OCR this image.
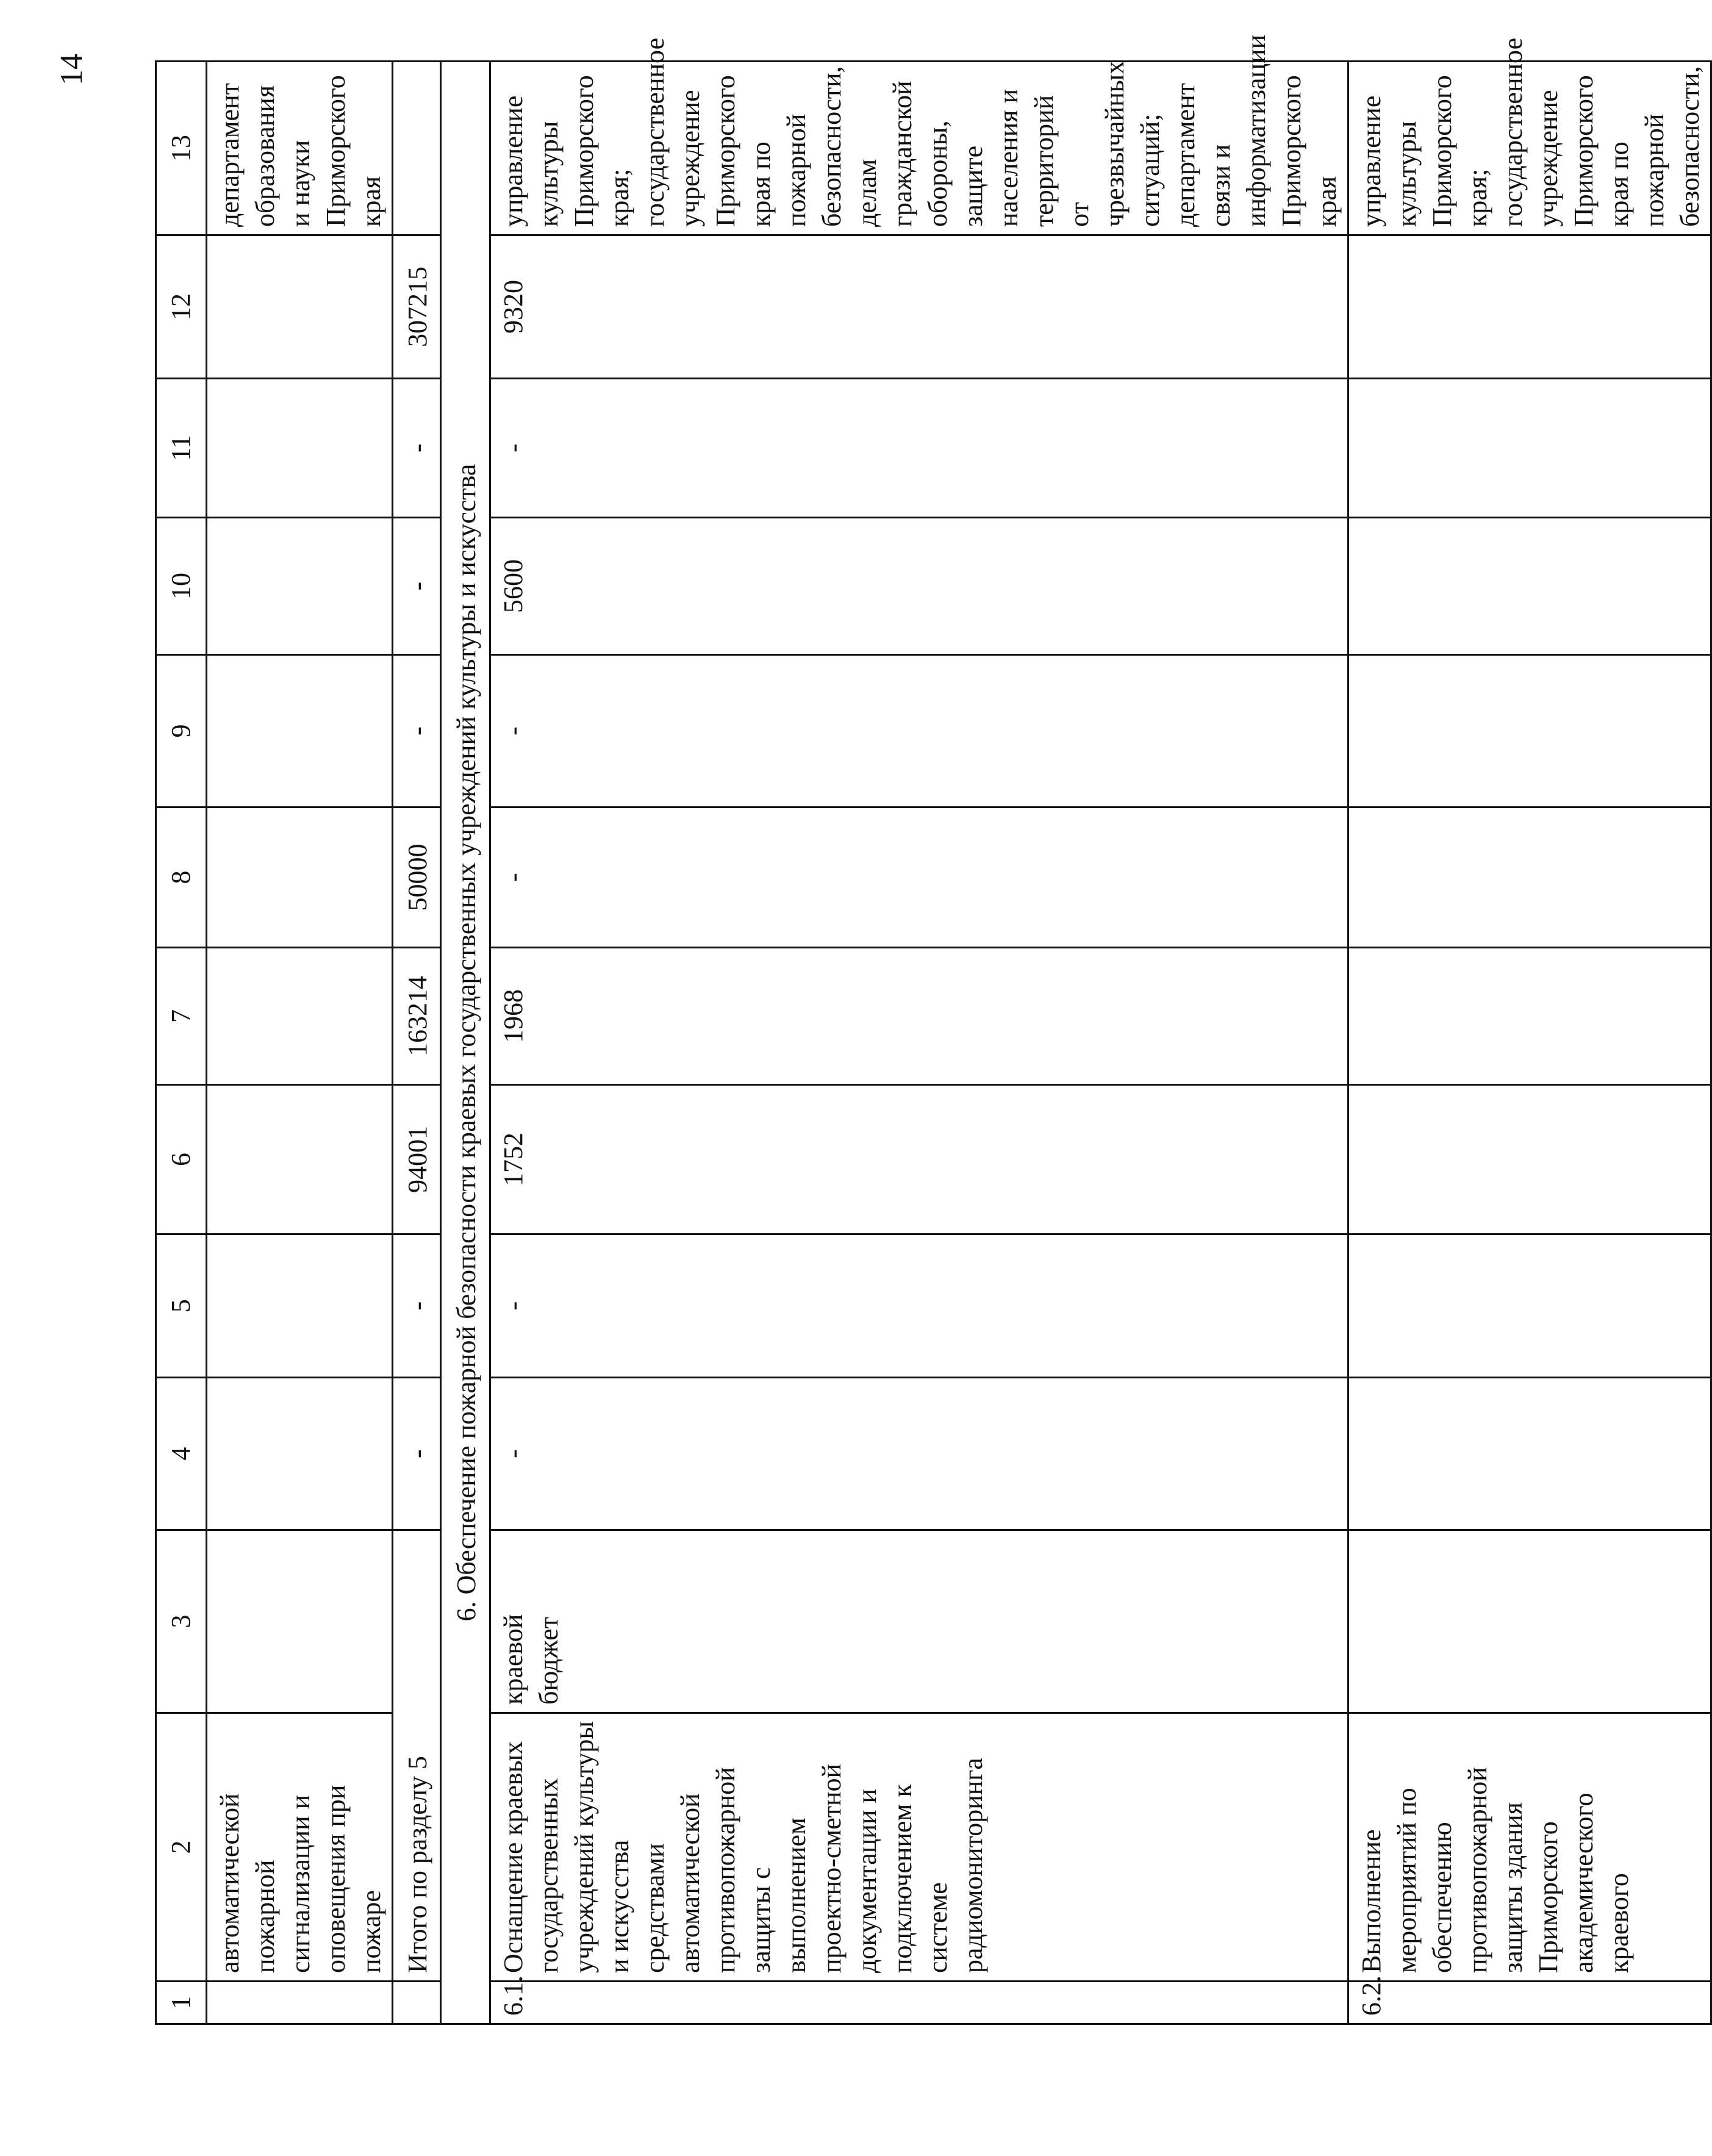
14
1	2	3	4	5	6	7	8	9	10	11	12	13
	автоматической пожарной сигнализации и оповещения при пожаре											департамент образования и науки Приморского края
	Итого по разделу 5		-	-	94001	163214	50000	-	-	-	307215	
6. Обеспечение пожарной безопасности краевых государственных учреждений культуры и искусства												
6.1.	Оснащение краевых государственных учреждений культуры и искусства средствами автоматической противопожарной защиты с выполнением проектно-сметной документации и подключением к системе радиомониторинга	краевой бюджет	-	-	1752	1968	-	-	5600	-	9320	управление культуры Приморского края; государственное учреждение Приморского края по пожарной безопасности, делам гражданской обороны, защите населения и территорий от чрезвычайных ситуаций; департамент связи и информатизации Приморского края
6.2.	Выполнение мероприятий по обеспечению противопожарной защиты здания Приморского академического краевого											управление культуры Приморского края; государственное учреждение Приморского края по пожарной безопасности,
